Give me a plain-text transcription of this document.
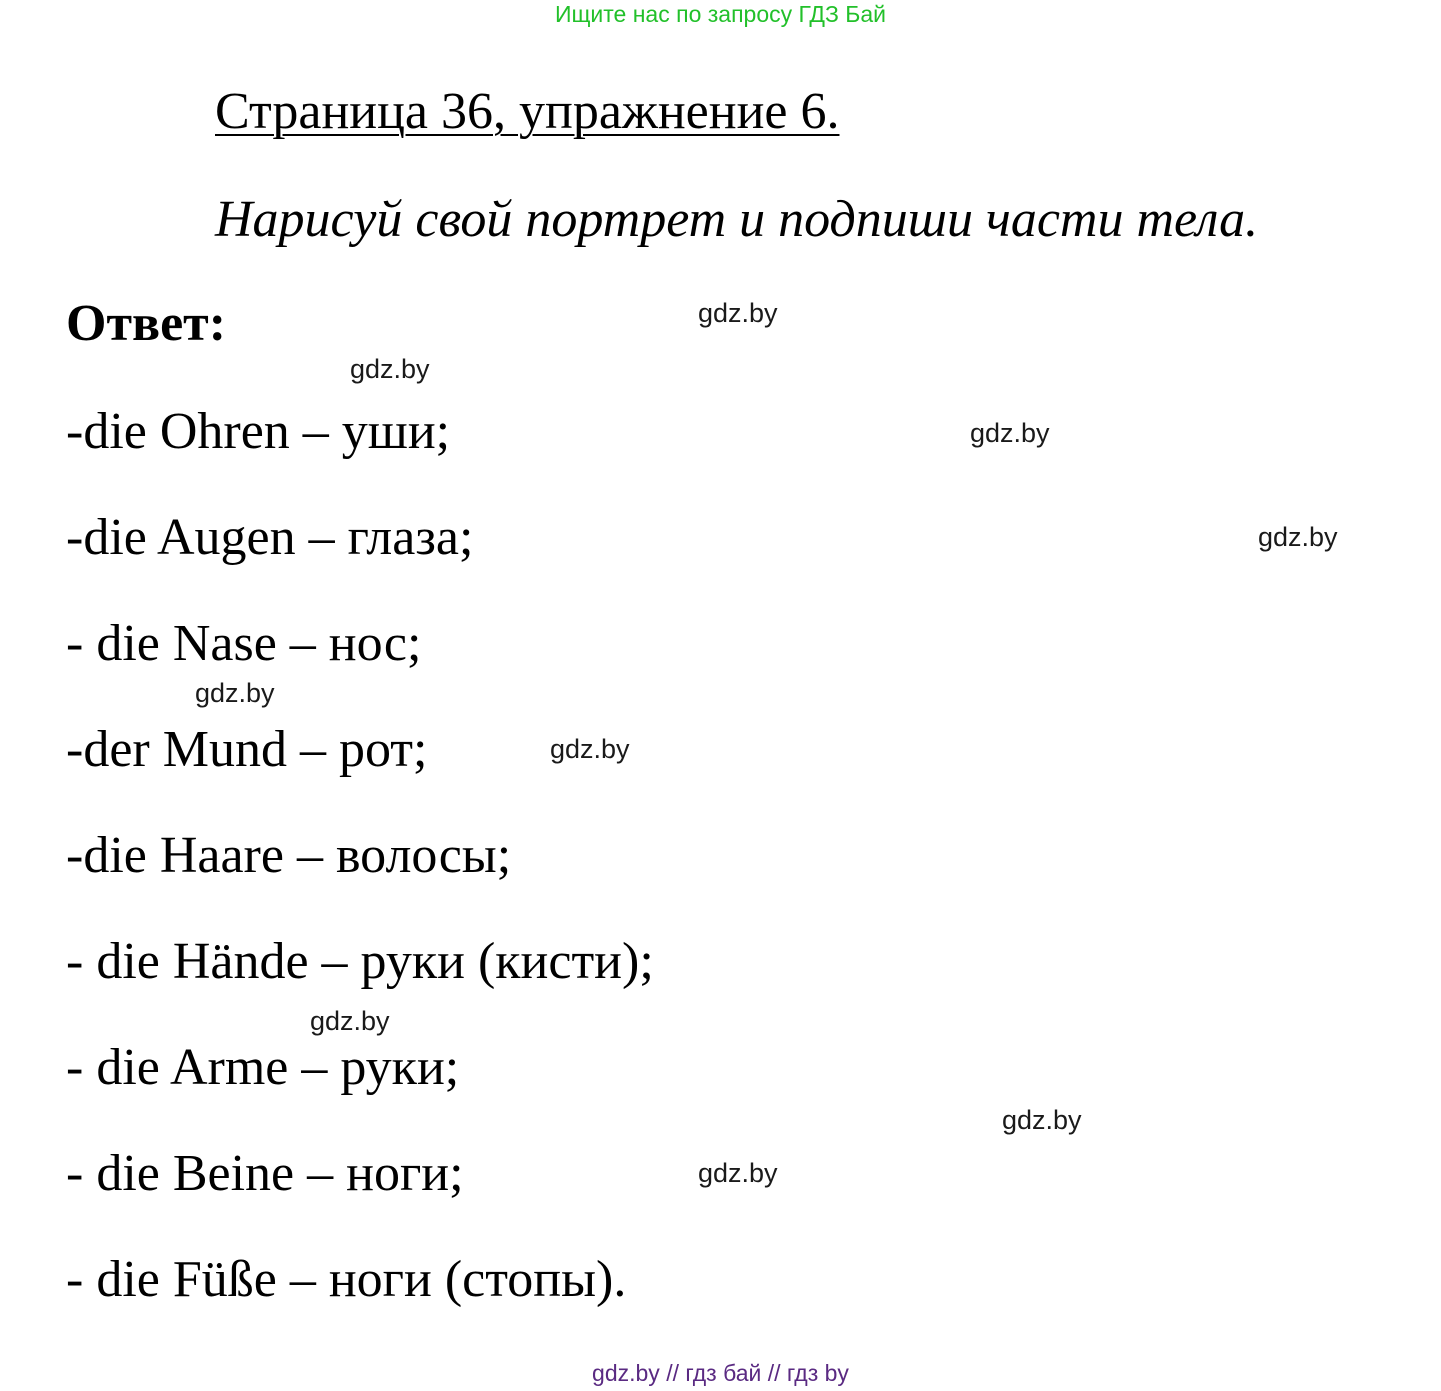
Ищите нас по запросу ГДЗ Бай
Страница 36, упражнение 6.
Нарисуй свой портрет и подпиши части тела.
Ответ:
-die Ohren – уши;
-die Augen – глаза;
- die Nase – нос;
-der Mund – рот;
-die Haare – волосы;
- die Hände – руки (кисти);
- die Arme – руки;
- die Beine – ноги;
- die Füße – ноги (стопы).
gdz.by
gdz.by
gdz.by
gdz.by
gdz.by
gdz.by
gdz.by
gdz.by
gdz.by
gdz.by // гдз бай // гдз by
